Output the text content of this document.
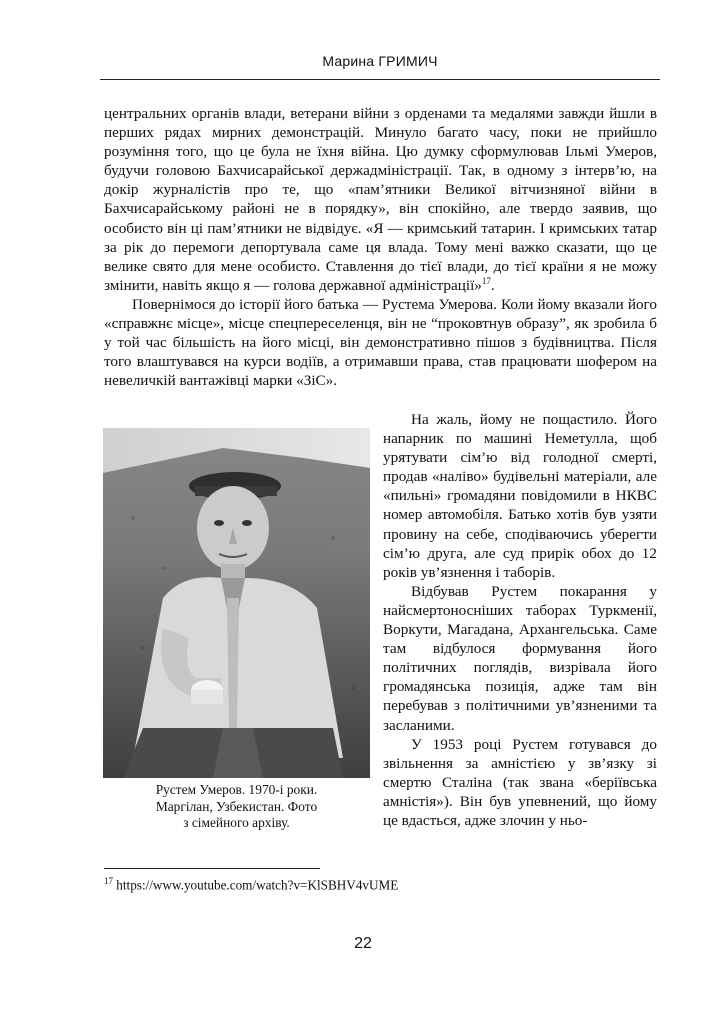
Марина ГРИМИЧ

центральних органів влади, ветерани війни з орденами та медалями завжди йшли в перших рядах мирних демонстрацій. Минуло багато часу, поки не прийшло розуміння того, що це була не їхня війна. Цю думку сформулював Ільмі Умеров, будучи головою Бахчисарайської держадміністрації. Так, в одному з інтерв’ю, на докір журналістів про те, що «пам’ятники Великої вітчизняної війни в Бахчисарайському районі не в порядку», він спокійно, але твердо заявив, що особисто він ці пам’ятники не відвідує. «Я — кримський татарин. І кримських татар за рік до перемоги депортувала саме ця влада. Тому мені важко сказати, що це велике свято для мене особисто. Ставлення до тієї влади, до тієї країни я не можу змінити, навіть якщо я — голова державної адміністрації»$^{17}$.

Повернімося до історії його батька — Рустема Умерова. Коли йому вказали його «справжнє місце», місце спецпереселенця, він не “проковтнув образу”, як зробила б у той час більшість на його місці, він демонстративно пішов з будівництва. Після того влаштувався на курси водіїв, а отримавши права, став працювати шофером на невеличкій вантажівці марки «ЗіС».

Рустем Умеров. 1970-і роки.
Маргілан, Узбекистан. Фото
з сімейного архіву.

На жаль, йому не пощастило. Його напарник по машині Неметулла, щоб урятувати сім’ю від голодної смерті, продав «наліво» будівельні матеріали, але «пильні» громадяни повідомили в НКВС номер автомобіля. Батько хотів був узяти провину на себе, сподіваючись уберегти сім’ю друга, але суд прирік обох до 12 років ув’язнення і таборів.

Відбував Рустем покарання у найсмертоносніших таборах Туркменії, Воркути, Магадана, Архангельська. Саме там відбулося формування його політичних поглядів, визрівала його громадянська позиція, адже там він перебував з політичними ув’язненими та засланими.

У 1953 році Рустем готувався до звільнення за амністією у зв’язку зі смертю Сталіна (так звана «беріївська амністія»). Він був упевнений, що йому це вдасться, адже злочин у ньо-

$^{17}$ https://www.youtube.com/watch?v=KlSBHV4vUME
22
